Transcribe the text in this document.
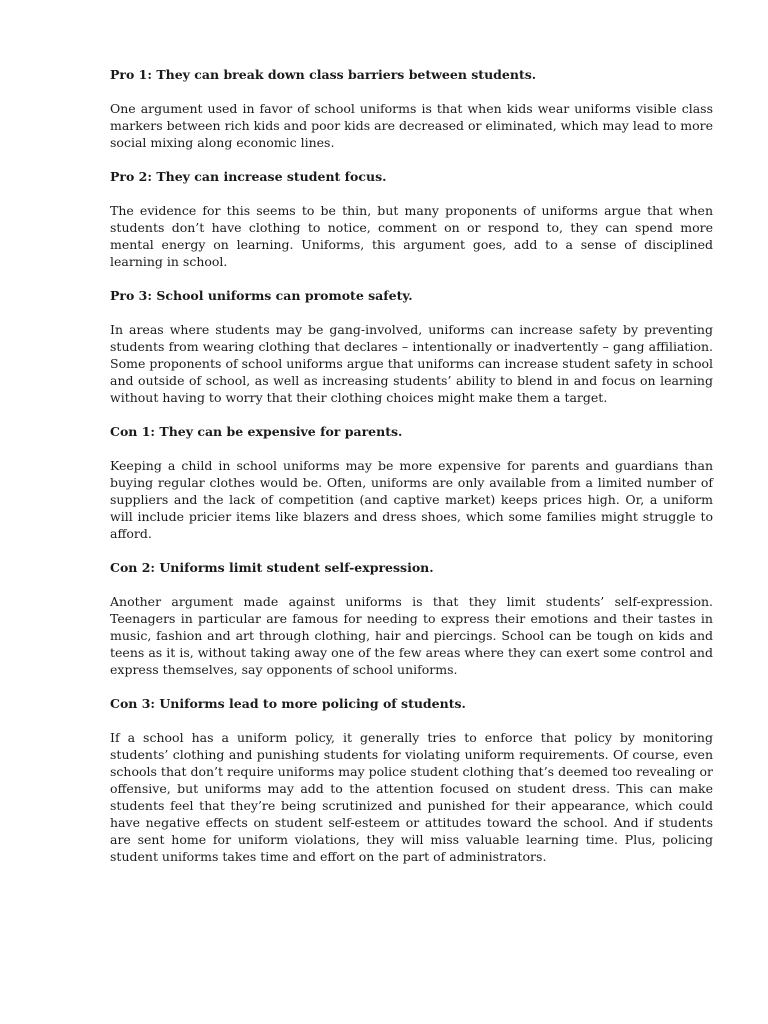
Pro 1: They can break down class barriers between students.

One argument used in favor of school uniforms is that when kids wear uniforms visible class markers between rich kids and poor kids are decreased or eliminated, which may lead to more social mixing along economic lines.

Pro 2: They can increase student focus.

The evidence for this seems to be thin, but many proponents of uniforms argue that when students don’t have clothing to notice, comment on or respond to, they can spend more mental energy on learning. Uniforms, this argument goes, add to a sense of disciplined learning in school.

Pro 3: School uniforms can promote safety.

In areas where students may be gang-involved, uniforms can increase safety by preventing students from wearing clothing that declares – intentionally or inadvertently – gang affiliation. Some proponents of school uniforms argue that uniforms can increase student safety in school and outside of school, as well as increasing students’ ability to blend in and focus on learning without having to worry that their clothing choices might make them a target.

Con 1: They can be expensive for parents.

Keeping a child in school uniforms may be more expensive for parents and guardians than buying regular clothes would be. Often, uniforms are only available from a limited number of suppliers and the lack of competition (and captive market) keeps prices high. Or, a uniform will include pricier items like blazers and dress shoes, which some families might struggle to afford.

Con 2: Uniforms limit student self-expression.

Another argument made against uniforms is that they limit students’ self-expression. Teenagers in particular are famous for needing to express their emotions and their tastes in music, fashion and art through clothing, hair and piercings. School can be tough on kids and teens as it is, without taking away one of the few areas where they can exert some control and express themselves, say opponents of school uniforms.

Con 3: Uniforms lead to more policing of students.

If a school has a uniform policy, it generally tries to enforce that policy by monitoring students’ clothing and punishing students for violating uniform requirements. Of course, even schools that don’t require uniforms may police student clothing that’s deemed too revealing or offensive, but uniforms may add to the attention focused on student dress. This can make students feel that they’re being scrutinized and punished for their appearance, which could have negative effects on student self-esteem or attitudes toward the school. And if students are sent home for uniform violations, they will miss valuable learning time. Plus, policing student uniforms takes time and effort on the part of administrators.
